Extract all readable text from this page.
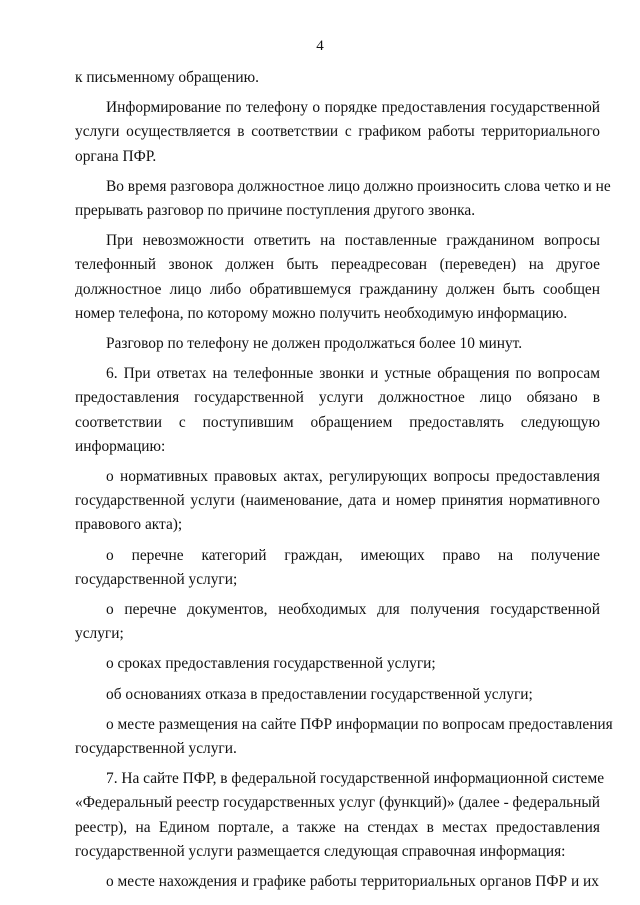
4
к письменному обращению.
Информирование по телефону о порядке предоставления государственной
услуги осуществляется в соответствии с графиком работы территориального
органа ПФР.
Во время разговора должностное лицо должно произносить слова четко и не
прерывать разговор по причине поступления другого звонка.
При невозможности ответить на поставленные гражданином вопросы
телефонный звонок должен быть переадресован (переведен) на другое
должностное лицо либо обратившемуся гражданину должен быть сообщен
номер телефона, по которому можно получить необходимую информацию.
Разговор по телефону не должен продолжаться более 10 минут.
6. При ответах на телефонные звонки и устные обращения по вопросам
предоставления государственной услуги должностное лицо обязано в
соответствии с поступившим обращением предоставлять следующую
информацию:
о нормативных правовых актах, регулирующих вопросы предоставления
государственной услуги (наименование, дата и номер принятия нормативного
правового акта);
о перечне категорий граждан, имеющих право на получение
государственной услуги;
о перечне документов, необходимых для получения государственной
услуги;
о сроках предоставления государственной услуги;
об основаниях отказа в предоставлении государственной услуги;
о месте размещения на сайте ПФР информации по вопросам предоставления
государственной услуги.
7. На сайте ПФР, в федеральной государственной информационной системе
«Федеральный реестр государственных услуг (функций)» (далее - федеральный
реестр), на Едином портале, а также на стендах в местах предоставления
государственной услуги размещается следующая справочная информация:
о месте нахождения и графике работы территориальных органов ПФР и их
